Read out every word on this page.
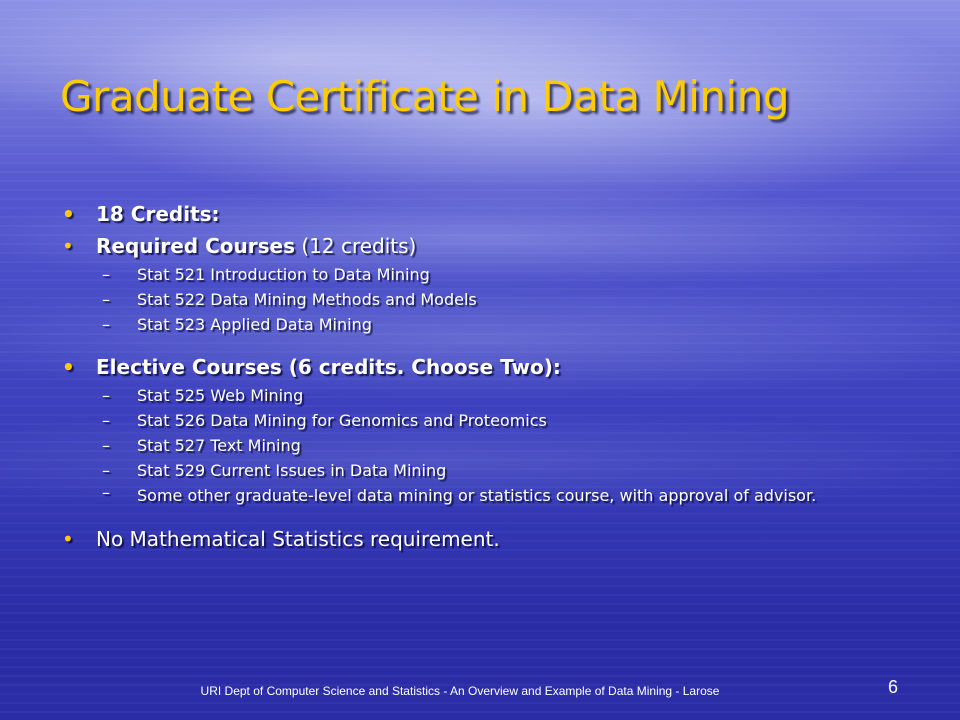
Graduate Certificate in Data Mining
• 18 Credits:
• Required Courses (12 credits)
– Stat 521 Introduction to Data Mining
– Stat 522 Data Mining Methods and Models
– Stat 523 Applied Data Mining
• Elective Courses (6 credits. Choose Two):
– Stat 525 Web Mining
– Stat 526 Data Mining for Genomics and Proteomics
– Stat 527 Text Mining
– Stat 529 Current Issues in Data Mining
– Some other graduate-level data mining or statistics course, with approval of advisor.
• No Mathematical Statistics requirement.
URI Dept of Computer Science and Statistics - An Overview and Example of Data Mining - Larose	6
